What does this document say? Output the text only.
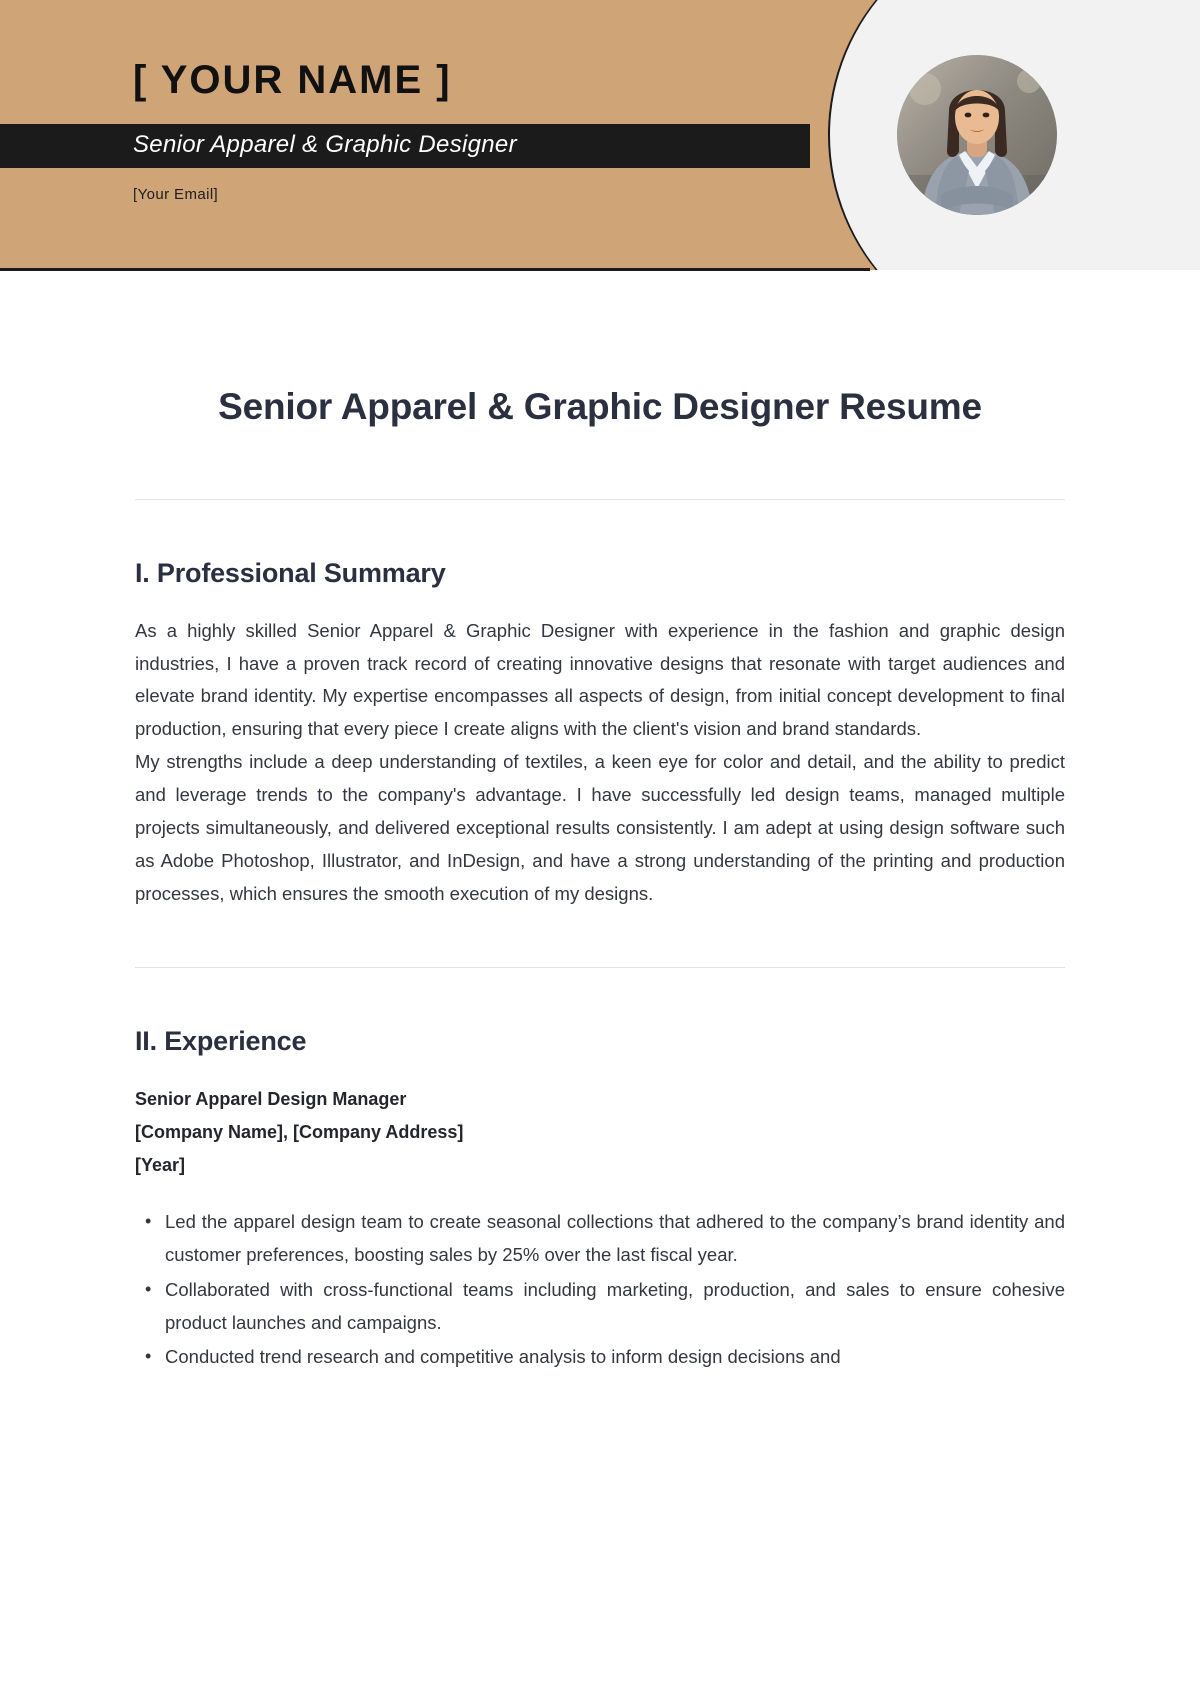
[ YOUR NAME ]
Senior Apparel & Graphic Designer
[Your Email]
Senior Apparel & Graphic Designer Resume
I. Professional Summary

As a highly skilled Senior Apparel & Graphic Designer with experience in the fashion and graphic design industries, I have a proven track record of creating innovative designs that resonate with target audiences and elevate brand identity. My expertise encompasses all aspects of design, from initial concept development to final production, ensuring that every piece I create aligns with the client's vision and brand standards.

My strengths include a deep understanding of textiles, a keen eye for color and detail, and the ability to predict and leverage trends to the company's advantage. I have successfully led design teams, managed multiple projects simultaneously, and delivered exceptional results consistently. I am adept at using design software such as Adobe Photoshop, Illustrator, and InDesign, and have a strong understanding of the printing and production processes, which ensures the smooth execution of my designs.

II. Experience
Senior Apparel Design Manager
[Company Name], [Company Address]
[Year]
• Led the apparel design team to create seasonal collections that adhered to the company’s brand identity and customer preferences, boosting sales by 25% over the last fiscal year.
• Collaborated with cross-functional teams including marketing, production, and sales to ensure cohesive product launches and campaigns.
• Conducted trend research and competitive analysis to inform design decisions and
